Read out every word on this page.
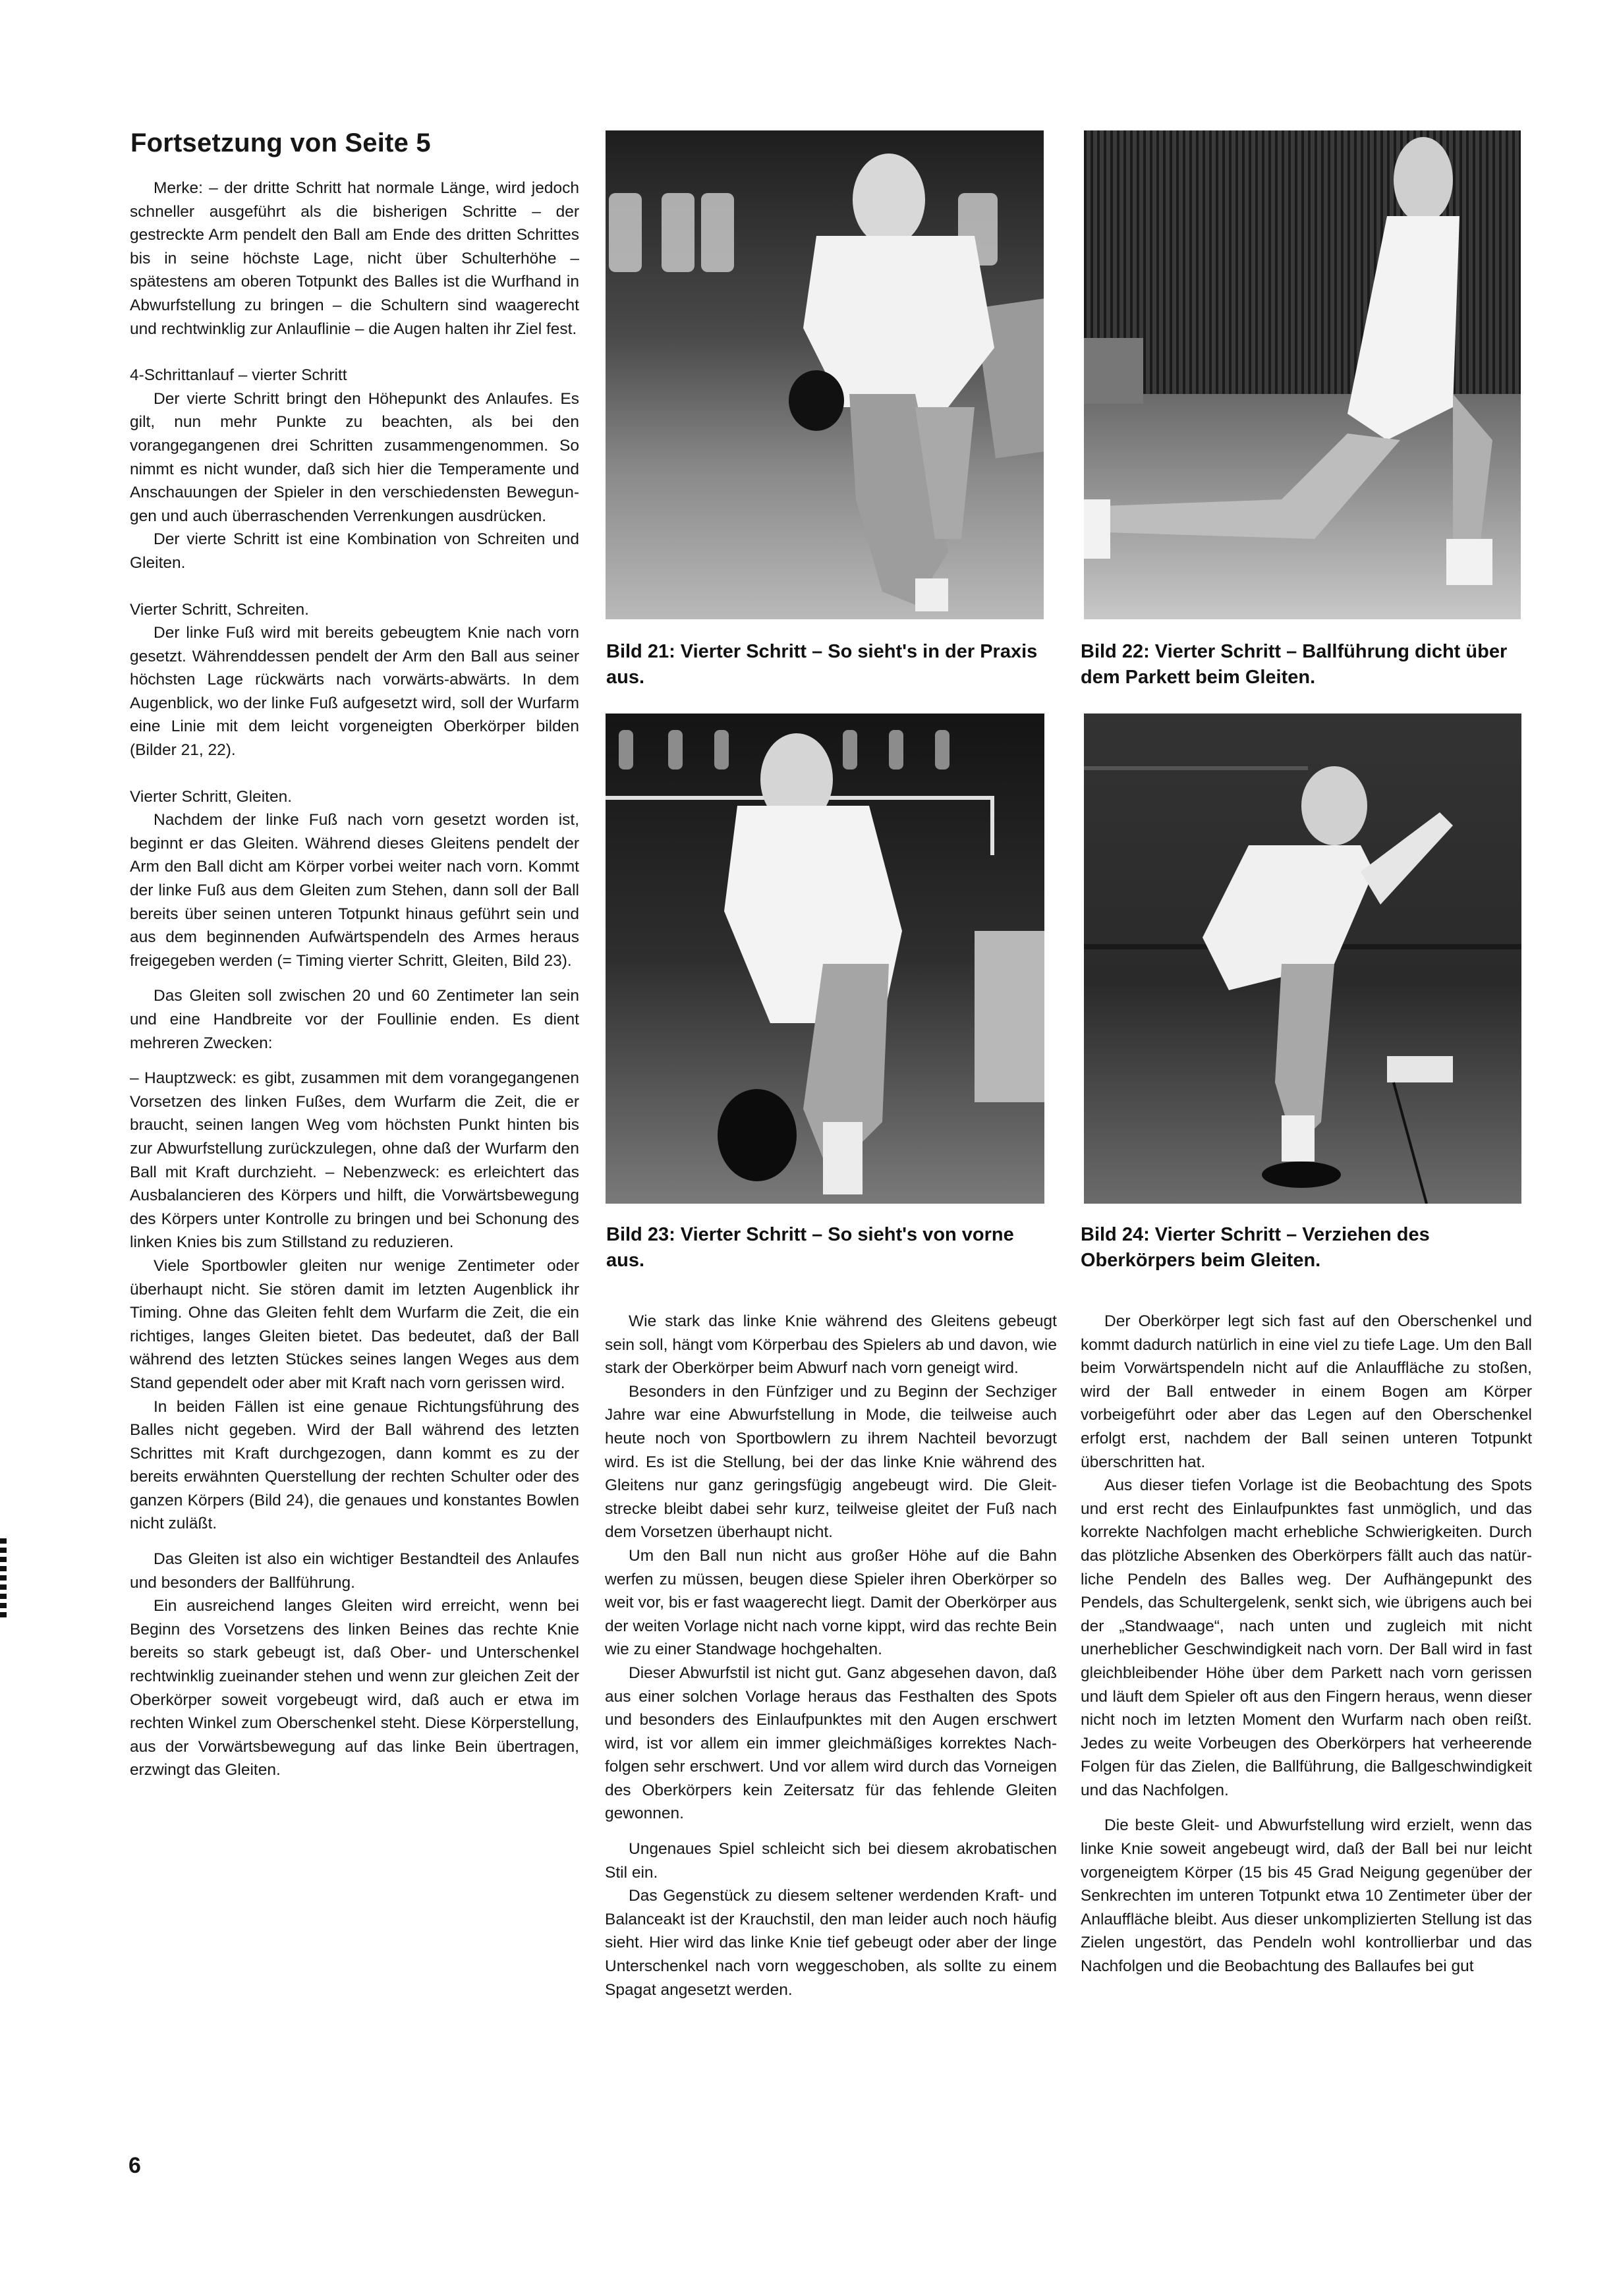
Fortsetzung von Seite 5

Merke: – der dritte Schritt hat normale Länge, wird jedoch schneller ausgeführt als die bisherigen Schritte – der gestreckte Arm pendelt den Ball am Ende des dritten Schrittes bis in seine höchste Lage, nicht über Schulterhöhe – spätestens am oberen Totpunkt des Balles ist die Wurfhand in Abwurfstellung zu bringen – die Schultern sind waagerecht und rechtwinklig zur Anlauflinie – die Augen halten ihr Ziel fest.

4-Schrittanlauf – vierter Schritt

Der vierte Schritt bringt den Höhepunkt des Anlaufes. Es gilt, nun mehr Punkte zu beachten, als bei den vorangegangenen drei Schritten zusammengenommen. So nimmt es nicht wunder, daß sich hier die Temperamente und Anschauungen der Spieler in den verschiedensten Bewegungen und auch überraschenden Verrenkungen ausdrücken.

Der vierte Schritt ist eine Kombination von Schreiten und Gleiten.

Vierter Schritt, Schreiten.

Der linke Fuß wird mit bereits gebeugtem Knie nach vorn gesetzt. Währenddessen pendelt der Arm den Ball aus seiner höchsten Lage rückwärts nach vorwärts-abwärts. In dem Augenblick, wo der linke Fuß aufgesetzt wird, soll der Wurfarm eine Linie mit dem leicht vorgeneigten Oberkörper bilden (Bilder 21, 22).

Vierter Schritt, Gleiten.

Nachdem der linke Fuß nach vorn gesetzt worden ist, beginnt er das Gleiten. Während dieses Gleitens pendelt der Arm den Ball dicht am Körper vorbei weiter nach vorn. Kommt der linke Fuß aus dem Gleiten zum Stehen, dann soll der Ball bereits über seinen unteren Totpunkt hinaus geführt sein und aus dem beginnenden Aufwärtspendeln des Armes heraus freigegeben werden (= Timing vierter Schritt, Gleiten, Bild 23).

Das Gleiten soll zwischen 20 und 60 Zentimeter lan sein und eine Handbreite vor der Foullinie enden. Es dient mehreren Zwecken:

– Hauptzweck: es gibt, zusammen mit dem vorangegangenen Vorsetzen des linken Fußes, dem Wurfarm die Zeit, die er braucht, seinen langen Weg vom höchsten Punkt hinten bis zur Abwurfstellung zurückzulegen, ohne daß der Wurfarm den Ball mit Kraft durchzieht. – Nebenzweck: es erleichtert das Ausbalancieren des Körpers und hilft, die Vorwärtsbewegung des Körpers unter Kontrolle zu bringen und bei Schonung des linken Knies bis zum Stillstand zu reduzieren.

Viele Sportbowler gleiten nur wenige Zentimeter oder überhaupt nicht. Sie stören damit im letzten Augenblick ihr Timing. Ohne das Gleiten fehlt dem Wurfarm die Zeit, die ein richtiges, langes Gleiten bietet. Das bedeutet, daß der Ball während des letzten Stückes seines langen Weges aus dem Stand gependelt oder aber mit Kraft nach vorn gerissen wird.

In beiden Fällen ist eine genaue Richtungsführung des Balles nicht gegeben. Wird der Ball während des letzten Schrittes mit Kraft durchgezogen, dann kommt es zu der bereits erwähnten Querstellung der rechten Schulter oder des ganzen Körpers (Bild 24), die genaues und konstantes Bowlen nicht zuläßt.

Das Gleiten ist also ein wichtiger Bestandteil des Anlaufes und besonders der Ballführung.

Ein ausreichend langes Gleiten wird erreicht, wenn bei Beginn des Vorsetzens des linken Beines das rechte Knie bereits so stark gebeugt ist, daß Ober- und Unterschenkel rechtwinklig zueinander stehen und wenn zur gleichen Zeit der Oberkörper soweit vorgebeugt wird, daß auch er etwa im rechten Winkel zum Oberschenkel steht. Diese Körperstellung, aus der Vorwärtsbewegung auf das linke Bein übertragen, erzwingt das Gleiten.

Bild 21: Vierter Schritt – So sieht's in der Praxis aus.
Bild 22: Vierter Schritt – Ballführung dicht über dem Parkett beim Gleiten.
Bild 23: Vierter Schritt – So sieht's von vorne aus.
Bild 24: Vierter Schritt – Verziehen des Oberkörpers beim Gleiten.

Wie stark das linke Knie während des Gleitens gebeugt sein soll, hängt vom Körperbau des Spielers ab und davon, wie stark der Oberkörper beim Abwurf nach vorn geneigt wird.

Besonders in den Fünfziger und zu Beginn der Sechziger Jahre war eine Abwurfstellung in Mode, die teilweise auch heute noch von Sportbowlern zu ihrem Nachteil bevorzugt wird. Es ist die Stellung, bei der das linke Knie während des Gleitens nur ganz geringsfügig angebeugt wird. Die Gleitstrecke bleibt dabei sehr kurz, teilweise gleitet der Fuß nach dem Vorsetzen überhaupt nicht.

Um den Ball nun nicht aus großer Höhe auf die Bahn werfen zu müssen, beugen diese Spieler ihren Oberkörper so weit vor, bis er fast waagerecht liegt. Damit der Oberkörper aus der weiten Vorlage nicht nach vorne kippt, wird das rechte Bein wie zu einer Standwage hochgehalten.

Dieser Abwurfstil ist nicht gut. Ganz abgesehen davon, daß aus einer solchen Vorlage heraus das Festhalten des Spots und besonders des Einlaufpunktes mit den Augen erschwert wird, ist vor allem ein immer gleichmäßiges korrektes Nachfolgen sehr erschwert. Und vor allem wird durch das Vorneigen des Oberkörpers kein Zeitersatz für das fehlende Gleiten gewonnen.

Ungenaues Spiel schleicht sich bei diesem akrobatischen Stil ein.

Das Gegenstück zu diesem seltener werdenden Kraft- und Balanceakt ist der Krauchstil, den man leider auch noch häufig sieht. Hier wird das linke Knie tief gebeugt oder aber der linge Unterschenkel nach vorn weggeschoben, als sollte zu einem Spagat angesetzt werden.

Der Oberkörper legt sich fast auf den Oberschenkel und kommt dadurch natürlich in eine viel zu tiefe Lage. Um den Ball beim Vorwärtspendeln nicht auf die Anlauffläche zu stoßen, wird der Ball entweder in einem Bogen am Körper vorbeigeführt oder aber das Legen auf den Oberschenkel erfolgt erst, nachdem der Ball seinen unteren Totpunkt überschritten hat.

Aus dieser tiefen Vorlage ist die Beobachtung des Spots und erst recht des Einlaufpunktes fast unmöglich, und das korrekte Nachfolgen macht erhebliche Schwierigkeiten. Durch das plötzliche Absenken des Oberkörpers fällt auch das natürliche Pendeln des Balles weg. Der Aufhängepunkt des Pendels, das Schultergelenk, senkt sich, wie übrigens auch bei der „Standwaage“, nach unten und zugleich mit nicht unerheblicher Geschwindigkeit nach vorn. Der Ball wird in fast gleichbleibender Höhe über dem Parkett nach vorn gerissen und läuft dem Spieler oft aus den Fingern heraus, wenn dieser nicht noch im letzten Moment den Wurfarm nach oben reißt. Jedes zu weite Vorbeugen des Oberkörpers hat verheerende Folgen für das Zielen, die Ballführung, die Ballgeschwindigkeit und das Nachfolgen.

Die beste Gleit- und Abwurfstellung wird erzielt, wenn das linke Knie soweit angebeugt wird, daß der Ball bei nur leicht vorgeneigtem Körper (15 bis 45 Grad Neigung gegenüber der Senkrechten im unteren Totpunkt etwa 10 Zentimeter über der Anlauffläche bleibt. Aus dieser unkomplizierten Stellung ist das Zielen ungestört, das Pendeln wohl kontrollierbar und das Nachfolgen und die Beobachtung des Ballaufes bei gut

6
